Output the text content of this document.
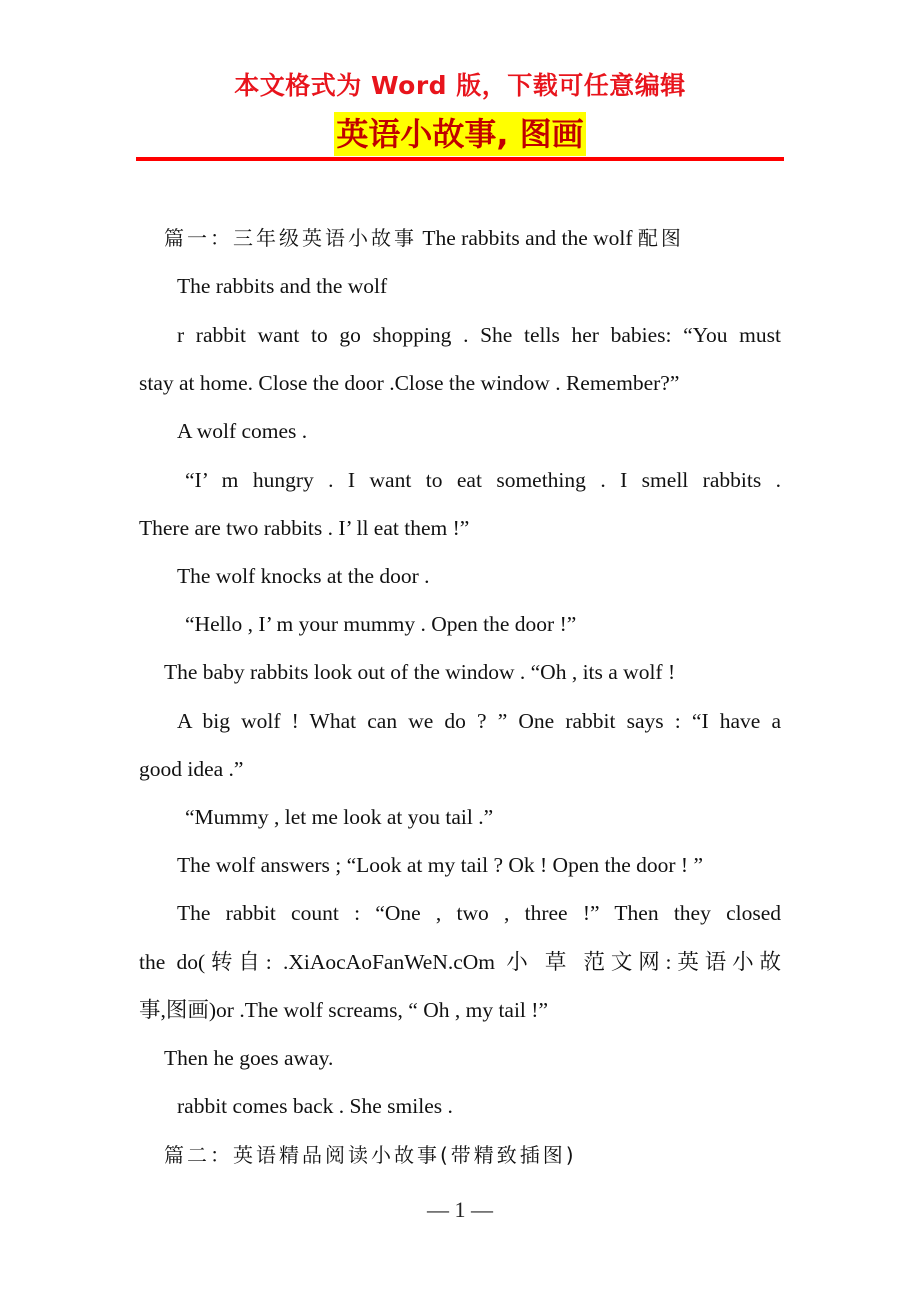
本文格式为 Word 版，下载可任意编辑
英语小故事, 图画
篇一：三年级英语小故事 The rabbits and the wolf 配图
The rabbits and the wolf
r rabbit want to go shopping . She tells her babies: “You must
stay at home. Close the door .Close the window . Remember?”
A wolf comes .
“I’ m hungry . I want to eat something . I smell rabbits .
There are two rabbits . I’ ll eat them !”
The wolf knocks at the door .
“Hello , I’ m your mummy . Open the door !”
The baby rabbits look out of the window . “Oh , its a wolf !
A big wolf ! What can we do ? ” One rabbit says : “I have a
good idea .”
“Mummy , let me look at you tail .”
The wolf answers ; “Look at my tail ? Ok ! Open the door ! ”
The rabbit count : “One , two , three !” Then they closed
the do(转自: .XiAocAoFanWeN.cOm 小 草 范文网:英语小故
事,图画)or .The wolf screams, “ Oh , my tail !”
Then he goes away.
rabbit comes back . She smiles .
篇二：英语精品阅读小故事(带精致插图)
— 1 —
